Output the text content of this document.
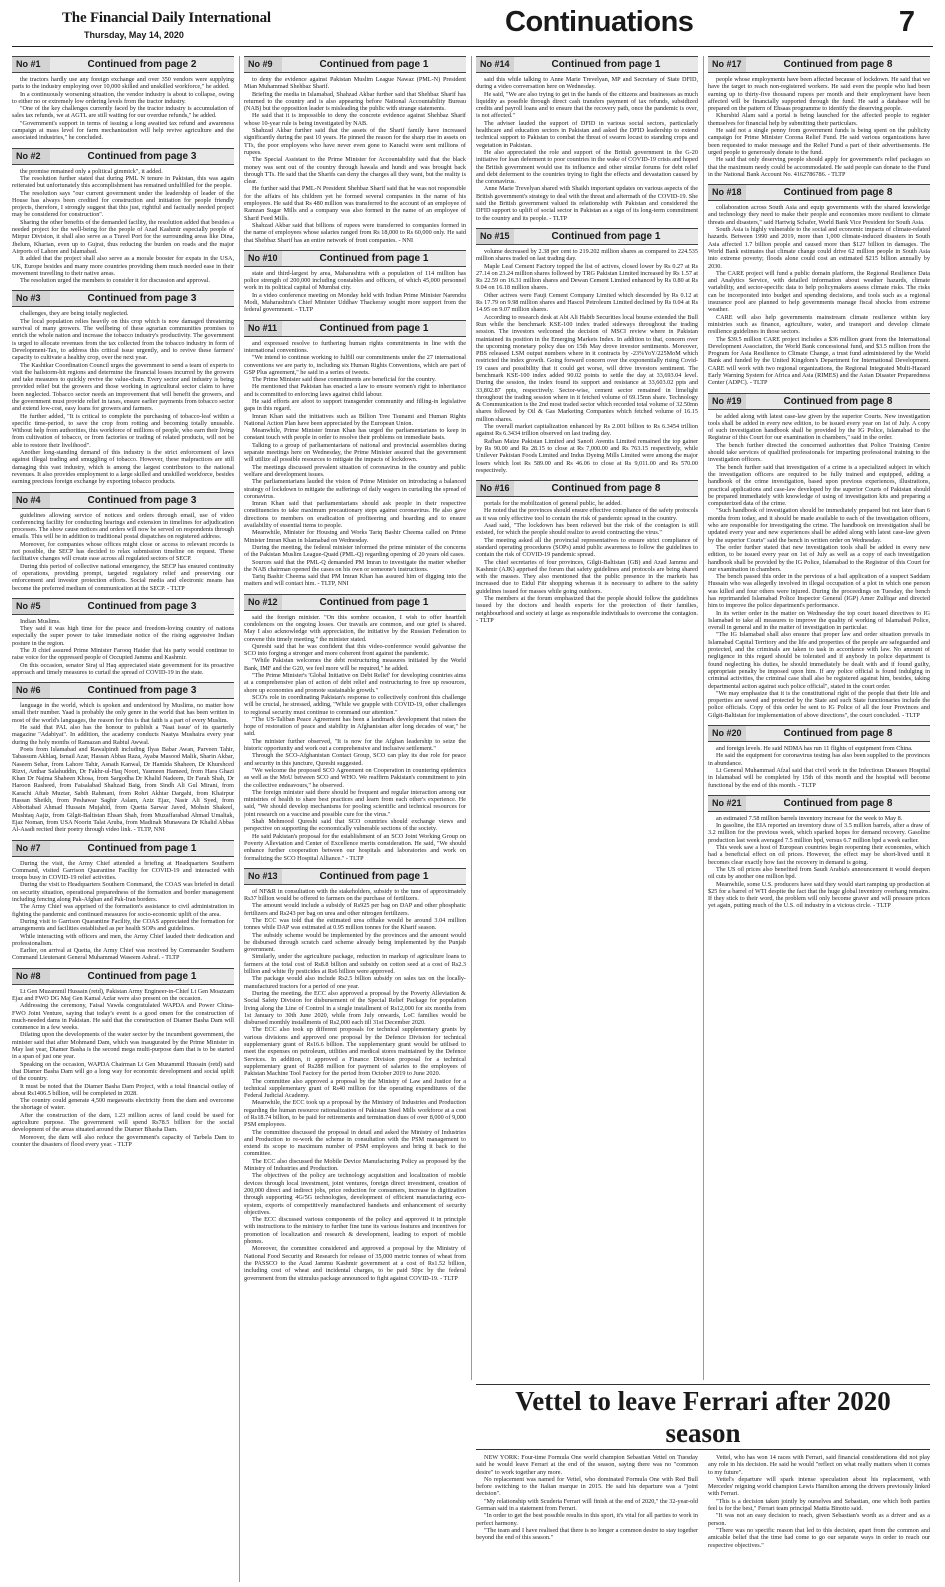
The Financial Daily International
Thursday, May 14, 2020	Continuations	7
No #1	Continued from page 2

the tractors hardly use any foreign exchange and over 350 vendors were supplying parts to the industry employing over 10,000 skilled and unskilled workforce," he added.

In a continuously worsening situation, the vendor industry is about to collapse, owing to either no or extremely low ordering levels from the tractor industry.

"One of the key challenges currently faced by the tractor industry is accumulation of sales tax refunds, we at AGTL are still waiting for our overdue refunds," he added.

"Government's support in terms of issuing a long awaited tax refund and awareness campaign at mass level for farm mechanization will help revive agriculture and the associated industries," he concluded.

No #2	Continued from page 3

the promise remained only a political gimmick", it added.

The resolution further stated that during PML N tenure in Pakistan, this was again reiterated but unfortunately this accomplishment has remained unfulfilled for the people.

The resolution says "our current government under the leadership of leader of the House has always been credited for construction and initiation for people friendly projects, therefore, I strongly suggest that this just, rightful and factually needed project may be considered for construction".

Sharing the other benefits of the demanded facility, the resolution added that besides a needed project for the well-being for the people of Azad Kashmir especially people of Mirpur Division, it shall also serve as a Travel Port for the surrounding areas like Dina, Jhelum, Kharian, even up to Gujrat, thus reducing the burden on roads and the major Airports of Lahore and Islamabad.

It added that the project shall also serve as a morale booster for expats in the USA, UK, Europe besides and many more countries providing them much needed ease in their movement travelling to their native areas.

The resolution urged the members to consider it for discussion and approval.

No #3	Continued from page 3

challenges, they are being totally neglected.

The local population relies heavily on this crop which is now damaged threatening survival of many growers. The wellbeing of these agrarian communities promises to enrich the whole nation and increase the tobacco industry's productivity. The government is urged to allocate revenues from the tax collected from the tobacco industry in form of Development-Tax, to address this critical issue urgently, and to revive these farmers' capacity to cultivate a healthy crop, over the next year.

The Kashtkar Coordination Council urges the government to send a team of experts to visit the hailstorm-hit regions and determine the financial losses incurred by the growers and take measures to quickly revive the value-chain. Every sector and industry is being provided relief but the growers and those working in agricultural sector claim to have been neglected. Tobacco sector needs an improvement that will benefit the growers, and the government must provide relief in taxes, ensure earlier payments from tobacco sector and extend low-cost, easy loans for growers and farmers.

He further added, "It is critical to complete the purchasing of tobacco-leaf within a specific time-period, to save the crop from rotting and becoming totally unusable. Without help from authorities, this workforce of millions of people, who earn their living from cultivation of tobacco, or from factories or trading of related products, will not be able to restore their livelihood".

Another long-standing demand of this industry is the strict enforcement of laws against illegal trading and smuggling of tobacco. However, these malpractices are still damaging this vast industry, which is among the largest contributors to the national revenues. It also provides employment to a large skilled and unskilled workforce, besides earning precious foreign exchange by exporting tobacco products.

No #4	Continued from page 3

guidelines allowing service of notices and orders through email, use of video conferencing facility for conducting hearings and extension in timelines for adjudication processes. The show cause notices and orders will now be served on respondents through emails. This will be in addition to traditional postal dispatches on registered address.

Moreover, for companies whose offices might close or access to relevant records is not possible, the SECP has decided to relax submission timeline on request. These facilitative changes will create ease across all regulated sectors of SECP.

During this period of collective national emergency, the SECP has ensured continuity of operations, providing prompt, targeted regulatory relief and preserving our enforcement and investor protection efforts. Social media and electronic means has become the preferred medium of communication at the SECP. - TLTP

No #5	Continued from page 3

Indian Muslims.

They said it was high time for the peace and freedom-loving country of nations especially the super power to take immediate notice of the rising aggressive Indian posture in the region.

The JI chief assured Prime Minister Farooq Haider that his party would continue to raise voice for the oppressed people of Occupied Jammu and Kashmir.

On this occasion, senator Siraj ul Haq appreciated state government for its proactive approach and timely measures to curtail the spread of COVID-19 in the state.

No #6	Continued from page 3

language in the world, which is spoken and understood by Muslims, no matter how small their number. Yaad is probably the only genre in the world that has been written in most of the world's languages, the reason for this is that faith is a part of every Muslim.

He said that PAL also has the honour to publish a 'Naat issue' of its quarterly magazine "Adabiyat". In addition, the academy conducts Naatya Mushaira every year during the holy months of Ramazan and Rabiul Awwal.

Poets from Islamabad and Rawalpindi including Ilyas Babar Awan, Parveen Tahir, Tabassum Akhlaq, Ismail Azar, Hassan Abbas Raza, Ayaba Masood Malik, Sharin Akbar, Naseem Sehar, from Lahore Tahir, Asnath Kanwal, Dr Hamida Shaheen, Dr Khurshced Rizvi, Anthar Salahuddin, Dr Fakhr-ul-Haq Noori, Yasmeen Hameed, from Hara Ghazi Khan Dr Najma Shaheen Khosa, from Sargodha Dr Khalid Nadeem, Dr Farah Shah, Dr Haroon Rasheed, from Faisalabad Shahzad Baig, from Sindh Ali Gul Mirani, from Karachi Aftab Muztar, Sabih Rahmani, from Rohri Akhtar Dargahi, from Khairpur Hassan Sheikh, from Peshawar Saghir Aslam, Aziz Ejaz, Nasir Ali Syed, from Abbottabad Ahmad Hussain Mujahid, from Quetta Sarwar Javed, Mohsin Shakeel, Mushtaq Aajiz, from Gilgit-Baltistan Ehsan Shah, from Muzaffarabad Ahmad Umaltak, Ejaz Noman, from USA Noorin Talat Aruba, from Madinah Munawara Dr Khalid Abbas Al-Asadi recited their poetry through video link. - TLTP, NNI

No #7	Continued from page 1

During the visit, the Army Chief attended a briefing at Headquarters Southern Command, visited Garrison Quarantine Facility for COVID-19 and interacted with troops busy in COVID-19 relief activities.

During the visit to Headquarters Southern Command, the COAS was briefed in detail on security situation, operational preparedness of the formation and border management including fencing along Pak-Afghan and Pak-Iran borders.

The Army Chief was apprised of the formation's assistance to civil administration in fighting the pandemic and continued measures for socio-economic uplift of the area.

During visit to Garrison Quarantine Facility, the COAS appreciated the formation for arrangements and facilities established as per health SOPs and guidelines.

While interacting with officers and men, the Army Chief lauded their dedication and professionalism.

Earlier, on arrival at Quetta, the Army Chief was received by Commander Southern Command Lieutenant General Muhammad Waseem Ashraf. - TLTP

No #8	Continued from page 1

Lt Gen Muzammil Hussain (retd), Pakistan Army Engineer-in-Chief Lt Gen Moazzam Ejaz and FWO DG Maj Gen Kamal Azfar were also present on the occasion.

Addressing the ceremony, Faisal Vawda congratulated WAPDA and Power China-FWO Joint Venture, saying that today's event is a good omen for the construction of much-needed dams in Pakistan. He said that the construction of Diamer Basha Dam will commence in a few weeks.

Dilating upon the developments of the water sector by the incumbent government, the minister said that after Mohmand Dam, which was inaugurated by the Prime Minister in May last year, Diamer Basha is the second mega multi-purpose dam that is to be started in a span of just one year.

Speaking on the occasion, WAPDA Chairman Lt Gen Muzammil Hussain (retd) said that Diamer Basha Dam will go a long way for economic development and social uplift of the country.

It must be noted that the Diamer Basha Dam Project, with a total financial outlay of about Rs1406.5 billion, will be completed in 2028.

The country could generate 4,500 megawatts electricity from the dam and overcome the shortage of water.

After the construction of the dam, 1.23 million acres of land could be used for agriculture purpose. The government will spend Rs78.5 billion for the social development of the areas situated around the Diamer Bhasha Dam.

Moreover, the dam will also reduce the government's capacity of Tarbela Dam to counter the disasters of flood every year. - TLTP

No #9	Continued from page 1

to deny the evidence against Pakistan Muslim League Nawaz (PML-N) President Mian Muhammad Shehbaz Sharif.

Briefing the media in Islamabad, Shahzad Akbar further said that Shehbaz Sharif has returned to the country and is also appearing before National Accountability Bureau (NAB) but the opposition leader is misleading the public with strange statements.

He said that it is impossible to deny the concrete evidence against Shehbaz Sharif whose 10-year rule is being investigated by NAB.

Shahzad Akbar further said that the assets of the Sharif family have increased significantly during the past 10 years. He pinned the reason for the sharp rise in assets on TTs, the poor employees who have never even gone to Karachi were sent millions of rupees.

The Special Assistant to the Prime Minister for Accountability said that the black money was sent out of the country through hawala and hundi and was brought back through TTs. He said that the Sharifs can deny the charges all they want, but the reality is clear.

He further said that PML-N President Shehbaz Sharif said that he was not responsible for the affairs of his children yet he formed several companies in the name of his employees. He said that Rs 480 million was transferred to the account of an employee of Ramzan Sugar Mills and a company was also formed in the name of an employee of Sharif Feed Mills.

Shahzad Akbar said that billions of rupees were transferred to companies formed in the name of employees whose salaries ranged from Rs 18,000 to Rs 60,000 only. He said that Shehbaz Sharif has an entire network of front companies. - NNI

No #10	Continued from page 1

state and third-largest by area, Maharashtra with a population of 114 million has police strength of 200,000 including constables and officers, of which 45,000 personnel work in its political capital of Mumbai city.

In a video conference meeting on Monday held with Indian Prime Minister Narendra Modi, Maharashtra's Chief Minister Uddhav Thackeray sought more support from the federal government. - TLTP

No #11	Continued from page 1

and expressed resolve to furthering human rights commitments in line with the international conventions.

"We intend to continue working to fulfill our commitments under the 27 international conventions we are party to, including six Human Rights Conventions, which are part of GSP Plus agreement," he said in a series of tweets.

The Prime Minister said these commitments are beneficial for the country.

He mentioned that Pakistan has enacted a law to ensure women's right to inheritance and is committed to enforcing laws against child labour.

He said efforts are afoot to support transgender community and filling-in legislative gaps in this regard.

Imran Khan said the initiatives such as Billion Tree Tsunami and Human Rights National Action Plan have been appreciated by the European Union.

Meanwhile, Prime Minister Imran Khan has urged the parliamentarians to keep in constant touch with people in order to resolve their problems on immediate basis.

Talking to a group of parliamentarians of national and provincial assemblies during separate meetings here on Wednesday, the Prime Minister assured that the government will utilize all possible resources to mitigate the impacts of lockdown.

The meetings discussed prevalent situation of coronavirus in the country and public welfare and development issues.

The parliamentarians lauded the vision of Prime Minister on introducing a balanced strategy of lockdown to mitigate the sufferings of daily wagers in curtailing the spread of coronavirus.

Imran Khan said that parliamentarians should ask people in their respective constituencies to take maximum precautionary steps against coronavirus. He also gave directions to members on eradication of profiteering and hoarding and to ensure availability of essential items to people.

Meanwhile, Minister for Housing and Works Tariq Bashir Cheema called on Prime Minister Imran Khan in Islamabad on Wednesday.

During the meeting, the federal minister informed the prime minister of the concerns of the Pakistan Muslim League-Quaid (PML-Q) regarding opening of 20 years old cases.

Sources said that the PML-Q demanded PM Imran to investigate the matter whether the NAB chairman opened the cases on his own or someone's instructions.

Tariq Bashir Cheema said that PM Imran Khan has assured him of digging into the matters and will contact him. - TLTP, NNI

No #12	Continued from page 1

said the foreign minister. "On this sombre occasion, I wish to offer heartfelt condolences on the ongoing losses. Our travails are common, and our grief is shared. May I also acknowledge with appreciation, the initiative by the Russian Federation to convene this timely meeting," the minister stated.

Qureshi said that he was confident that this video-conference would galvanise the SCO into forging a stronger and more coherent front against the pandemic.

"While Pakistan welcomes the debt restructuring measures initiated by the World Bank, IMF and the G20, we feel more will be required," he added.

"The Prime Minister's 'Global Initiative on Debt Relief' for developing countries aims at a comprehensive plan of action of debt relief and restructuring to free up resources, shore up economies and promote sustainable growth."

SCO's role in coordinating Pakistan's response to collectively confront this challenge will be crucial, he stressed, adding, "While we grapple with COVID-19, other challenges to regional security must continue to command our attention."

"The US-Taliban Peace Agreement has been a landmark development that raises the hope of restoration of peace and stability in Afghanistan after long decades of war," he said.

The minister further observed, "It is now for the Afghan leadership to seize the historic opportunity and work out a comprehensive and inclusive settlement."

Through the SCO-Afghanistan Contact Group, SCO can play its due role for peace and security in this juncture, Qureshi suggested.

"We welcome the proposed SCO Agreement on Cooperation in countering epidemics as well as the MoU between SCO and WHO. We reaffirm Pakistan's commitment to join the collective endeavours," he observed.

The foreign minister said there should be frequent and regular interaction among our ministries of health to share best practices and learn from each other's experience. He said, "We should develop mechanisms for pooling scientific and technical resources for joint research on a vaccine and possible cure for the virus."

Shah Mehmood Qureshi said that SCO countries should exchange views and perspective on supporting the economically vulnerable sections of the society.

He said Pakistan's proposal for the establishment of an SCO Joint Working Group on Poverty Alleviation and Center of Excellence merits consideration. He said, "We should enhance further cooperation between our hospitals and laboratories and work on formalizing the SCO Hospital Alliance." - TLTP

No #13	Continued from page 1

of NF&R in consultation with the stakeholders, subsidy to the tune of approximately Rs37 billion would be offered to farmers on the purchase of fertilizers.

The amount would include a subsidy of Rs925 per bag on DAP and other phosphatic fertilizers and Rs243 per bag on urea and other nitrogen fertilizers.

The ECC was told that the estimated urea offtake would be around 3.04 million tonnes while DAP was estimated at 0.95 million tonnes for the Kharif season.

The subsidy scheme would be implemented by the provinces and the amount would be disbursed through scratch card scheme already being implemented by the Punjab government.

Similarly, under the agriculture package, reduction in markup of agriculture loans to farmers at the total cost of Rs8.8 billion and subsidy on cotton seed at a cost of Rs2.3 billion and white fly pesticides at Rs6 billion were approved.

The package would also include Rs2.5 billion subsidy on sales tax on the locally-manufactured tractors for a period of one year.

During the meeting, the ECC also approved a proposal by the Poverty Alleviation & Social Safety Division for disbursement of the Special Relief Package for population living along the Line of Control in a single installment of Rs12,000 for six months from 1st January to 30th June 2020, while from July onwards, LoC families would be disbursed monthly installments of Rs2,000 each till 31st December 2020.

The ECC also took up different proposals for technical supplementary grants by various divisions and approved one proposal by the Defence Division for technical supplementary grant of Rs16.6 billion. The supplementary grant would be utilised to meet the expenses on petroleum, utilities and medical stores maintained by the Defence Services. In addition, it approved a Finance Division proposal for a technical supplementary grant of Rs288 million for payment of salaries to the employees of Pakistan Machine Tool Factory for the period from October 2019 to June 2020.

The committee also approved a proposal by the Ministry of Law and Justice for a technical supplementary grant of Rs40 million for the operating expenditures of the Federal Judicial Academy.

Meanwhile, the ECC took up a proposal by the Ministry of Industries and Production regarding the human resource rationalization of Pakistan Steel Mills workforce at a cost of Rs18.74 billion, to be paid for retirements and termination dues of over 8,000 of 9,000 PSM employees.

The committee discussed the proposal in detail and asked the Ministry of Industries and Production to re-work the scheme in consultation with the PSM management to extend its scope to maximum number of PSM employees and bring it back to the committee.

The ECC also discussed the Mobile Device Manufacturing Policy as proposed by the Ministry of Industries and Production.

The objectives of the policy are technology acquisition and localization of mobile devices through local investment, joint ventures, foreign direct investment, creation of 200,000 direct and indirect jobs, price reduction for consumers, increase in digitization through supporting 4G/5G technologies, development of efficient manufacturing eco-system, exports of competitively manufactured handsets and enhancement of security objectives.

The ECC discussed various components of the policy and approved it in principle with instructions to the ministry to further fine tune its various features and incentives for promotion of localization and research & development, leading to export of mobile phones.

Moreover, the committee considered and approved a proposal by the Ministry of National Food Security and Research for release of 35,000 metric tonnes of wheat from the PASSCO to the Azad Jammu Kashmir government at a cost of Rs1.52 billion, including cost of wheat and incidental charges, to be paid 50pc by the federal government from the stimulus package announced to fight against COVID-19. - TLTP

No #14	Continued from page 1

said this while talking to Anne Marie Trevelyan, MP and Secretary of State DFID, during a video conversation here on Wednesday.

He said, "We are also trying to get in the hands of the citizens and businesses as much liquidity as possible through direct cash transfers payment of tax refunds, subsidized credits and payroll loans and to ensure that the recovery path, once the pandemic is over, is not affected."

The adviser lauded the support of DFID in various social sectors, particularly healthcare and education sectors in Pakistan and asked the DFID leadership to extend technical support to Pakistan to combat the threat of swarm locust to standing crops and vegetation in Pakistan.

He also appreciated the role and support of the British government in the G-20 initiative for loan deferment to poor countries in the wake of COVID-19 crisis and hoped the British government would use its influence and other similar forums for debt relief and debt deferment to the countries trying to fight the effects and devastation caused by the coronavirus.

Anne Marie Trevelyan shared with Shaikh important updates on various aspects of the British government's strategy to deal with the threat and aftermath of the COVID-19. She said the British government valued its relationship with Pakistan and considered the DFID support to uplift of social sector in Pakistan as a sign of its long-term commitment to the country and its people. - TLTP

No #15	Continued from page 1

volume decreased by 2.38 per cent to 219.202 million shares as compared to 224.535 million shares traded on last trading day.

Maple Leaf Cement Factory topped the list of actives, closed lower by Rs 0.27 at Rs 27.14 on 23.24 million shares followed by TRG Pakistan Limited increased by Rs 1.57 at Rs 22.59 on 16.31 million shares and Dewan Cement Limited enhanced by Rs 0.80 at Rs 9.04 on 16.18 million shares.

Other actives were Fauji Cement Company Limited which descended by Rs 0.12 at Rs 17.79 on 9.98 million shares and Hascol Petroleum Limited declined by Rs 0.04 at Rs 14.95 on 9.07 million shares.

According to research desk at Abi Ali Habib Securities local bourse extended the Bull Run while the benchmark KSE-100 index traded sideways throughout the trading session. The investors welcomed the decision of MSCI review where in Pakistan maintained its position in the Emerging Markets Index. In addition to that, concern over the upcoming monetary policy due on 15th May drove investor sentiments. Moreover, PBS released LSM output numbers where in it contracts by -23%YoY/225MoM which restricted the index growth. Going forward concern over the exponentially rising Covid-19 cases and possibility that it could get worse, will drive investors sentiment. The benchmark KSE-100 index added 90.02 points to settle the day at 33,693.04 level. During the session, the index found its support and resistance at 33,603.02 ppts and 33,802.87 ppts, respectively. Sector-wise, cement sector remained in limelight throughout the trading session where in it fetched volume of 69.15mn share. Technology & Communication is the 2nd most traded sector which recorded total volume of 32.50mn shares followed by Oil & Gas Marketing Companies which fetched volume of 16.15 million shares.

The overall market capitalization enhanced by Rs 2.001 billion to Rs 6.3454 trillion against Rs 6.3434 trillion observed on last trading day.

Rafhan Maize Pakistan Limited and Sanofi Aventis Limited remained the top gainer by Rs 90.00 and Rs 28.15 to close at Rs 7,000.00 and Rs 763.15 respectively, while Unilever Pakistan Foods Limited and Indus Dyeing Mills Limited were among the major losers which lost Rs 589.00 and Rs 46.06 to close at Rs 9,011.00 and Rs 570.00 respectively.

No #16	Continued from page 8

portals for the mobilization of general public, he added.

He noted that the provinces should ensure effective compliance of the safety protocols as it was only effective tool to contain the risk of pandemic spread in the country.

Asad said, "The lockdown has been relieved but the risk of the contagion is still existed, for which the people should realize to avoid contracting the virus."

The meeting asked all the provincial representatives to ensure strict compliance of standard operating procedures (SOPs) amid public awareness to follow the guidelines to contain the risk of COVID-19 pandemic spread.

The chief secretaries of four provinces, Gilgit-Baltistan (GB) and Azad Jammu and Kashmir (AJK) apprised the forum that safety guidelines and protocols are being shared with the masses. They also mentioned that the public presence in the markets has increased due to Eidul Fitr shopping whereas it is necessary to adhere to the safety guidelines issued for masses while going outdoors.

The members at the forum emphasized that the people should follow the guidelines issued by the doctors and health experts for the protection of their families, neighbourhood and society at large as responsible individuals to overcome the contagion. - TLTP

No #17	Continued from page 8

people whose employments have been affected because of lockdown. He said that we have the target to reach non-registered workers. He said even the people who had been earning up to thirty-five thousand rupees per month and their employment have been affected will be financially supported through the fund. He said a database will be prepared on the pattern of Ehsaas programme to identify the deserving people.

Khurshid Alam said a portal is being launched for the affected people to register themselves for financial help by submitting their particulars.

He said not a single penny from government funds is being spent on the publicity campaign for Prime Minister Corona Relief Fund. He said various organizations have been requested to make message and the Relief Fund a part of their advertisements. He urged people to generously donate to the fund.

He said that only deserving people should apply for government's relief packages so that the maximum needy could be accommodated. He said people can donate to the Fund in the National Bank Account No. 4162786786. - TLTP

No #18	Continued from page 8

collaboration across South Asia and equip governments with the shared knowledge and technology they need to make their people and economies more resilient to climate threats and disasters," said Hartwig Schafer, World Bank Vice President for South Asia.

South Asia is highly vulnerable to the social and economic impacts of climate-related hazards. Between 1990 and 2019, more than 1,000 climate-induced disasters in South Asia affected 1.7 billion people and caused more than $127 billion in damages. The World Bank estimates that climate change could drive 62 million people in South Asia into extreme poverty; floods alone could cost an estimated $215 billion annually by 2030.

The CARE project will fund a public domain platform, the Regional Resilience Data and Analytics Service, with detailed information about weather hazards, climate variability, and sector-specific data to help policymakers assess climate risks. The risks can be incorporated into budget and spending decisions, and tools such as a regional insurance pool are planned to help governments manage fiscal shocks from extreme weather.

CARE will also help governments mainstream climate resilience within key ministries such as finance, agriculture, water, and transport and develop climate resilience guidelines in those sectors.

The $39.5 million CARE project includes a $36 million grant from the International Development Association, the World Bank concessional fund, and $3.5 million from the Program for Asia Resilience to Climate Change, a trust fund administered by the World Bank and funded by the United Kingdom's Department for International Development. CARE will work with two regional organizations, the Regional Integrated Multi-Hazard Early Warning System for Africa and Asia (RIMES) and the Asian Disaster Preparedness Center (ADPC). - TLTP

No #19	Continued from page 8

be added along with latest case-law given by the superior Courts. New investigation tools shall be added in every new edition, to be issued every year on 1st of July. A copy of such investigation handbook shall be provided by the IG Police, Islamabad to the Registrar of this Court for our examination in chambers," said in the order.

The bench further directed the concerned authorities that Police Training Centre should take services of qualified professionals for imparting professional training to the investigation officers.

The bench further said that investigation of a crime is a specialized subject in which the investigation officers are required to be fully trained and equipped, adding a handbook of the crime investigation, based upon previous experiences, illustrations, practical applications and case-law developed by the superior Courts of Pakistan should be prepared immediately with knowledge of using of investigation kits and preparing a computerized data of the crime.

"Such handbook of investigation should be immediately prepared but not later than 6 months from today, and it should be made available to each of the investigation officers, who are responsible for investigating the crime. The handbook on investigation shall be updated every year and new experiences shall be added along with latest case-law given by the superior Courts" said the bench in written order on Wednesday.

The order further stated that new investigation tools shall be added in every new edition, to be issued every year on 1st of July as well as a copy of each investigation handbook shall be provided by the IG Police, Islamabad to the Registrar of this Court for our examination in chambers.

The bench passed this order in the pervious of a bail application of a suspect Saddam Hussain who was allegedly involved in illegal occupation of a plot in which one person was killed and four others were injured. During the proceedings on Tuesday, the bench has reprimanded Islamabad Police Inspector General (IGP) Amer Zulfiqar and directed him to improve the police department's performance.

In its writer order in the matter on Wednesday the top court issued directives to IG Islamabad to take all measures to improve the quality of working of Islamabad Police, overall in general and in the matter of investigation in particular.

"The IG Islamabad shall also ensure that proper law and order situation prevails in Islamabad Capital Territory and the life and properties of the people are safeguarded and protected, and the criminals are taken to task in accordance with law. No amount of negligence in this regard should be tolerated and if anybody in police department is found neglecting his duties, he should immediately be dealt with and if found guilty, appropriate penalty be imposed upon him. If any police official is found indulging in criminal activities, the criminal case shall also be registered against him, besides, taking departmental action against such police official", stated in the court order.

"We may emphasize that it is the constitutional right of the people that their life and properties are saved and protected by the State and such State functionaries include the police officials. Copy of this order be sent to IG Police of all the four Provinces and Gilgit-Baltistan for implementation of above directions", the court concluded. - TLTP

No #20	Continued from page 8

and foreign levels. He said NDMA has run 11 flights of equipment from China.

He said the equipment for coronavirus testing has also been supplied to the provinces in abundance.

Lt General Muhammad Afzal said that civil work in the Infectious Diseases Hospital in Islamabad will be completed by 15th of this month and the hospital will become functional by the end of this month. - TLTP

No #21	Continued from page 8

an estimated 7.58 million barrels inventory increase for the week to May 8.

In gasoline, the EIA reported an inventory draw of 3.5 million barrels, after a draw of 3.2 million for the previous week, which sparked hopes for demand recovery. Gasoline production last week averaged 7.5 million bpd, versus 6.7 million bpd a week earlier.

This week saw a host of European countries begin reopening their economies, which had a beneficial effect on oil prices. However, the effect may be short-lived until it becomes clear exactly how fast the recovery in demand is going.

The US oil prices also benefited from Saudi Arabia's announcement it would deepen oil cuts by another one million bpd.

Meanwhile, some U.S. producers have said they would start ramping up production at $25 for a barrel of WTI despite the fact that the huge global inventory overhang remains. If they stick to their word, the problem will only become graver and will pressure prices yet again, putting much of the U.S. oil industry in a vicious circle. - TLTP

Vettel to leave Ferrari after 2020 season

NEW YORK: Four-time Formula One world champion Sebastian Vettel on Tuesday said he would leave Ferrari at the end of the season, saying there was no "common desire" to work together any more.

No replacement was named for Vettel, who dominated Formula One with Red Bull before switching to the Italian marque in 2015. He said his departure was a "joint decision".

"My relationship with Scuderia Ferrari will finish at the end of 2020," the 32-year-old German said in a statement from Ferrari.

"In order to get the best possible results in this sport, it's vital for all parties to work in perfect harmony.

"The team and I have realised that there is no longer a common desire to stay together beyond the end of this season."

Vettel, who has won 14 races with Ferrari, said financial considerations did not play any role in his decision. He said he would "reflect on what really matters when it comes to my future".

Vettel's departure will spark intense speculation about his replacement, with Mercedes' reigning world champion Lewis Hamilton among the drivers previously linked with Ferrari.

"This is a decision taken jointly by ourselves and Sebastian, one which both parties feel is for the best," Ferrari team principal Mattia Binotto said.

"It was not an easy decision to reach, given Sebastian's worth as a driver and as a person.

"There was no specific reason that led to this decision, apart from the common and amicable belief that the time had come to go our separate ways in order to reach our respective objectives."
